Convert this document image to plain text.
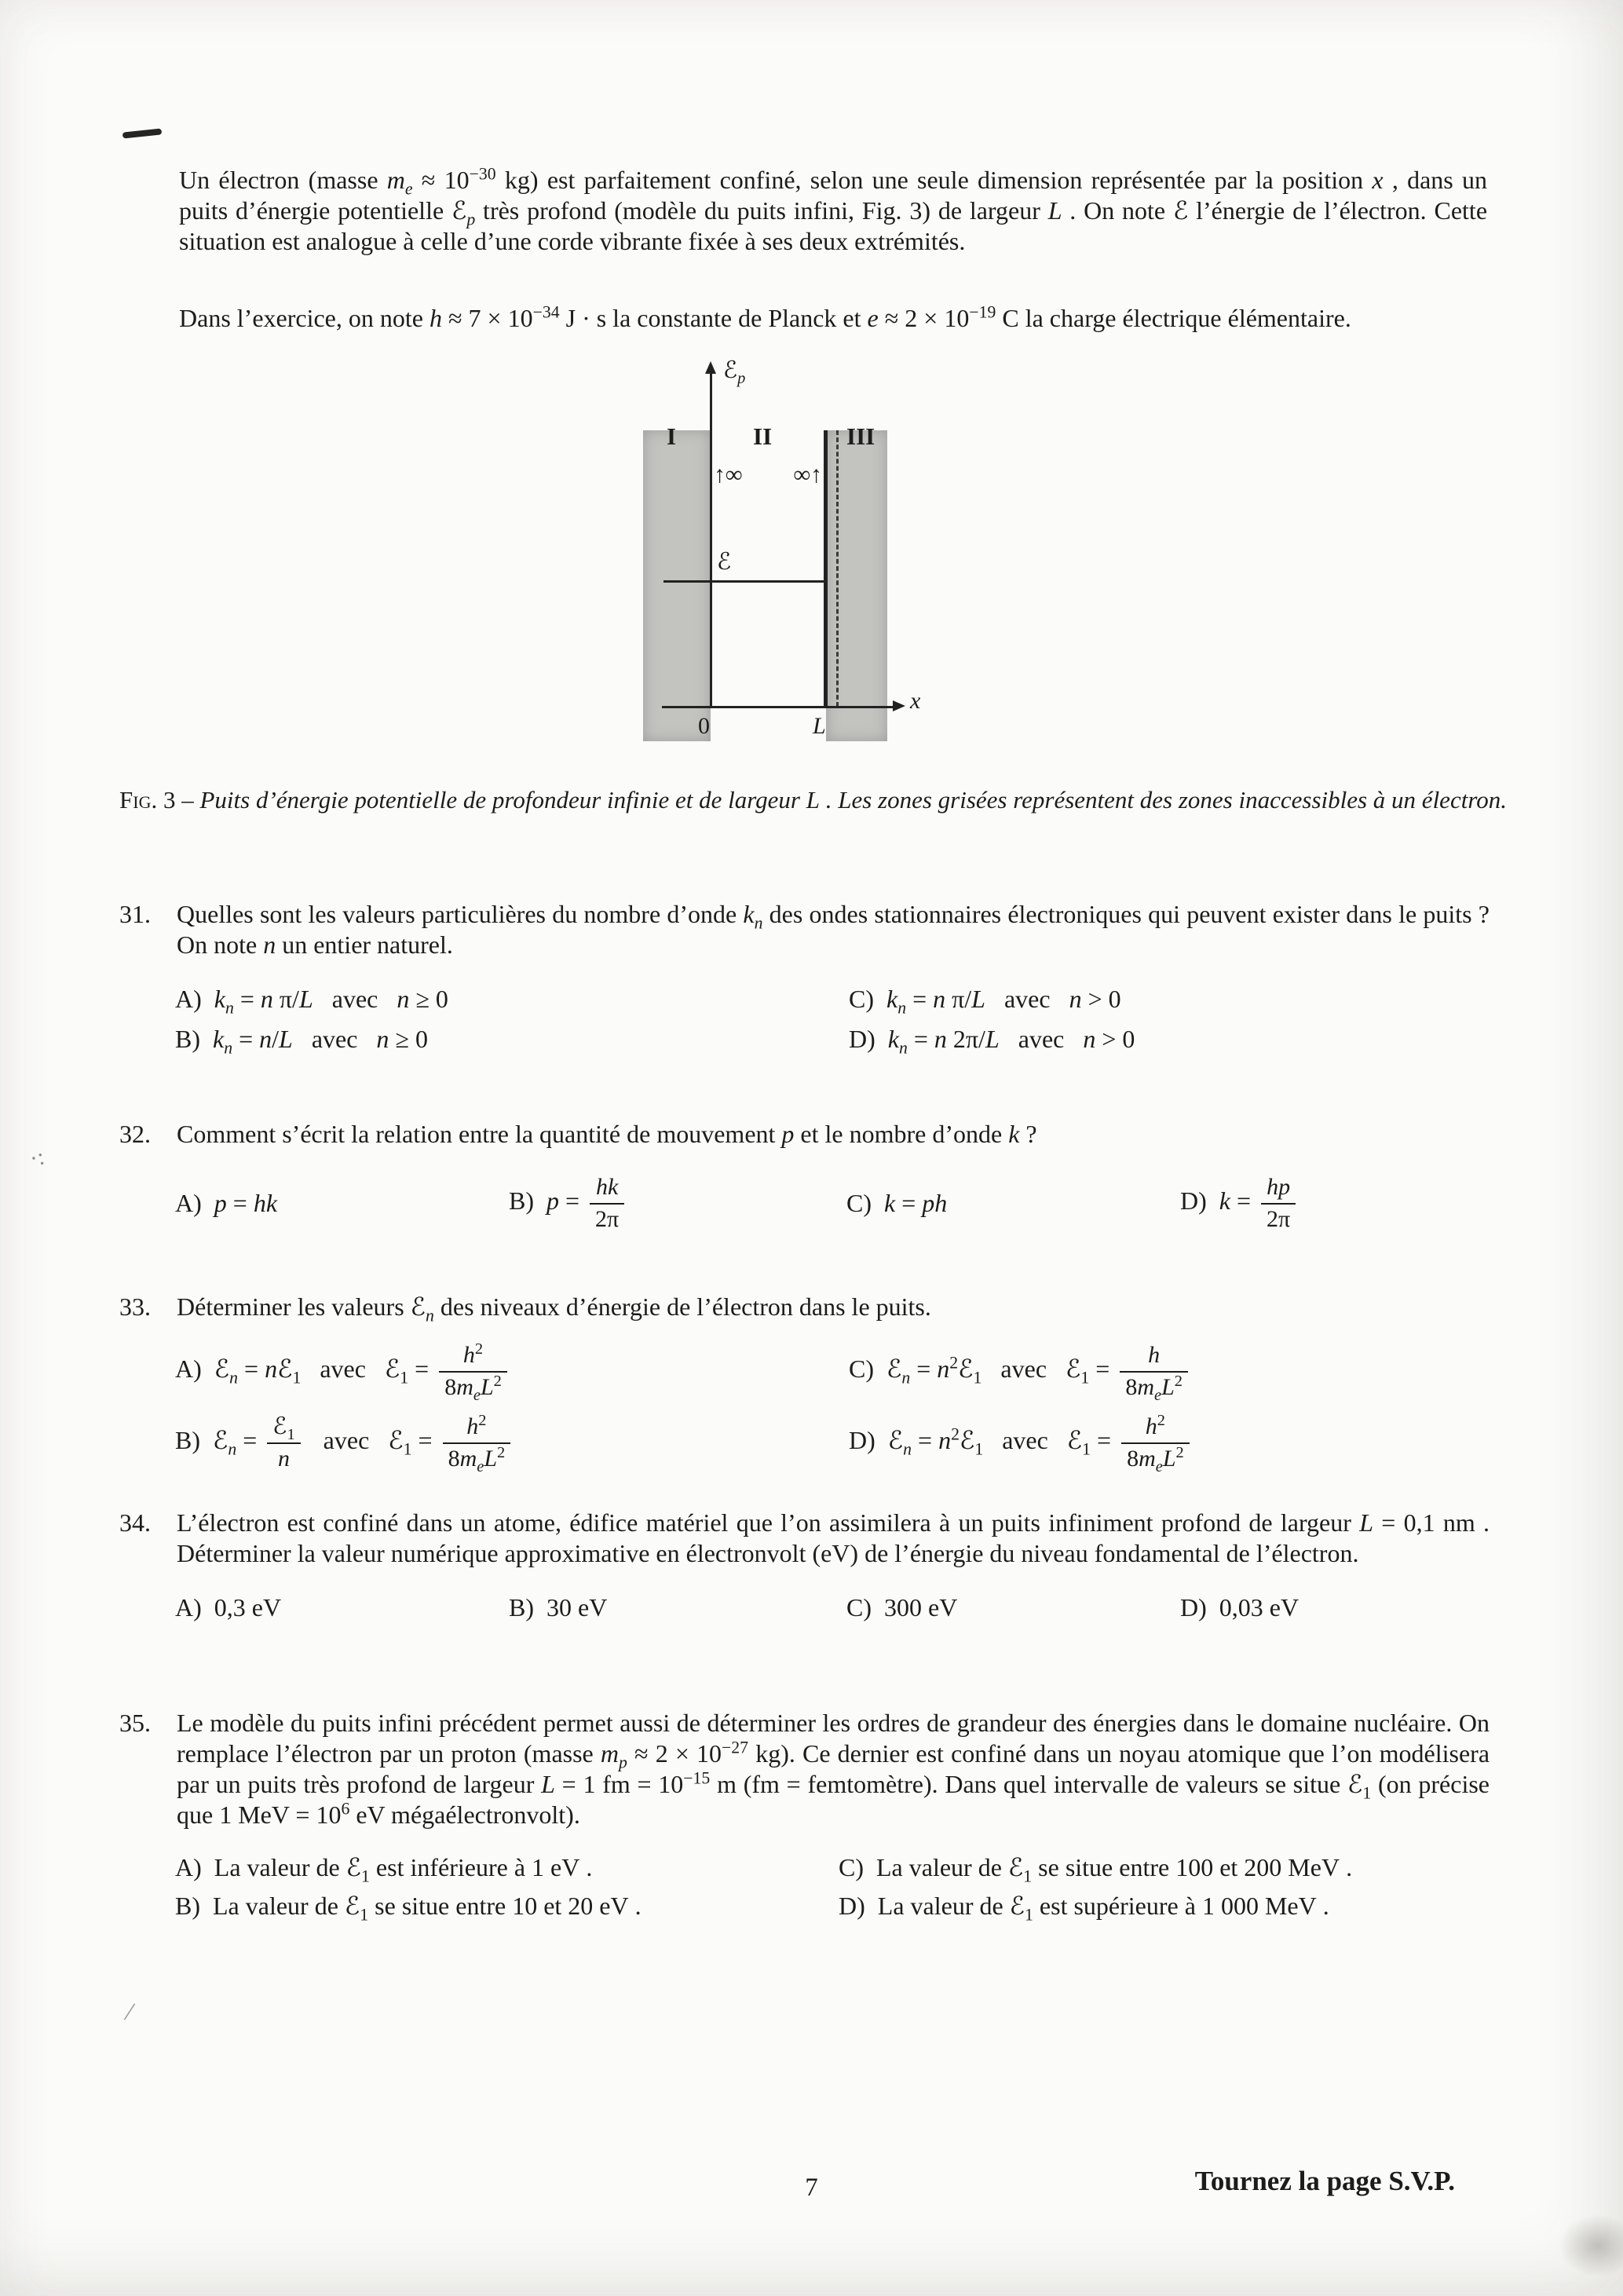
·:
/

Un électron (masse $m_e \approx 10^{-30}$ kg) est parfaitement confiné, selon une seule dimension représentée par la position x , dans un puits d’énergie potentielle ℰ$_p$ très profond (modèle du puits infini, Fig. 3) de largeur L . On note ℰ l’énergie de l’électron. Cette situation est analogue à celle d’une corde vibrante fixée à ses deux extrémités.

Dans l’exercice, on note $h \approx 7 \times 10^{-34}$ J · s la constante de Planck et $e \approx 2 \times 10^{-19}$ C la charge électrique élémentaire.

ℰ$_p$
I	II	III
↑∞ ∞↑
ℰ
x
0	L

Fig. 3 – Puits d’énergie potentielle de profondeur infinie et de largeur L . Les zones grisées représentent des zones inaccessibles à un électron.

31.	Quelles sont les valeurs particulières du nombre d’onde $k_n$ des ondes stationnaires électroniques qui peuvent exister dans le puits ? On note n un entier naturel.
A) $k_n = n$ π/L   avec   n ≥ 0	C) $k_n = n$ π/L   avec   n > 0
B) $k_n = n/L$   avec   n ≥ 0	D) $k_n = n$ 2π/L   avec   n > 0
32.	Comment s’écrit la relation entre la quantité de mouvement p et le nombre d’onde k ?
A) p = hk	B) $p = \frac{hk}{2\pi}$	C) k = ph	D) $k = \frac{hp}{2\pi}$
33.	Déterminer les valeurs ℰ$_n$ des niveaux d’énergie de l’électron dans le puits.
A) ℰ$_n$ = nℰ$_1$   avec   ℰ$_1$ = $\frac{h^2}{8m_eL^2}$	C) ℰ$_n$ = $n^2ℰ_1$   avec   ℰ$_1$ = $\frac{h}{8m_eL^2}$
B) ℰ$_n$ = $\frac{ℰ_1}{n}$ avec   ℰ$_1$ = $\frac{h^2}{8m_eL^2}$	D) ℰ$_n$ = $n^2ℰ_1$   avec   ℰ$_1$ = $\frac{h^2}{8m_eL^2}$
34.	L’électron est confiné dans un atome, édifice matériel que l’on assimilera à un puits infiniment profond de largeur L = 0,1 nm . Déterminer la valeur numérique approximative en électronvolt (eV) de l’énergie du niveau fondamental de l’électron.
A) 0,3 eV	B) 30 eV	C) 300 eV	D) 0,03 eV
35.	Le modèle du puits infini précédent permet aussi de déterminer les ordres de grandeur des énergies dans le domaine nucléaire. On remplace l’électron par un proton (masse $m_p \approx 2 \times 10^{-27}$ kg). Ce dernier est confiné dans un noyau atomique que l’on modélisera par un puits très profond de largeur L = 1 fm = $10^{-15}$ m (fm = femtomètre). Dans quel intervalle de valeurs se situe ℰ$_1$ (on précise que 1 MeV = $10^6$ eV mégaélectronvolt).
A) La valeur de ℰ$_1$ est inférieure à 1 eV .	C) La valeur de ℰ$_1$ se situe entre 100 et 200 MeV .
B) La valeur de ℰ$_1$ se situe entre 10 et 20 eV .	D) La valeur de ℰ$_1$ est supérieure à 1 000 MeV .
7	Tournez la page S.V.P.
